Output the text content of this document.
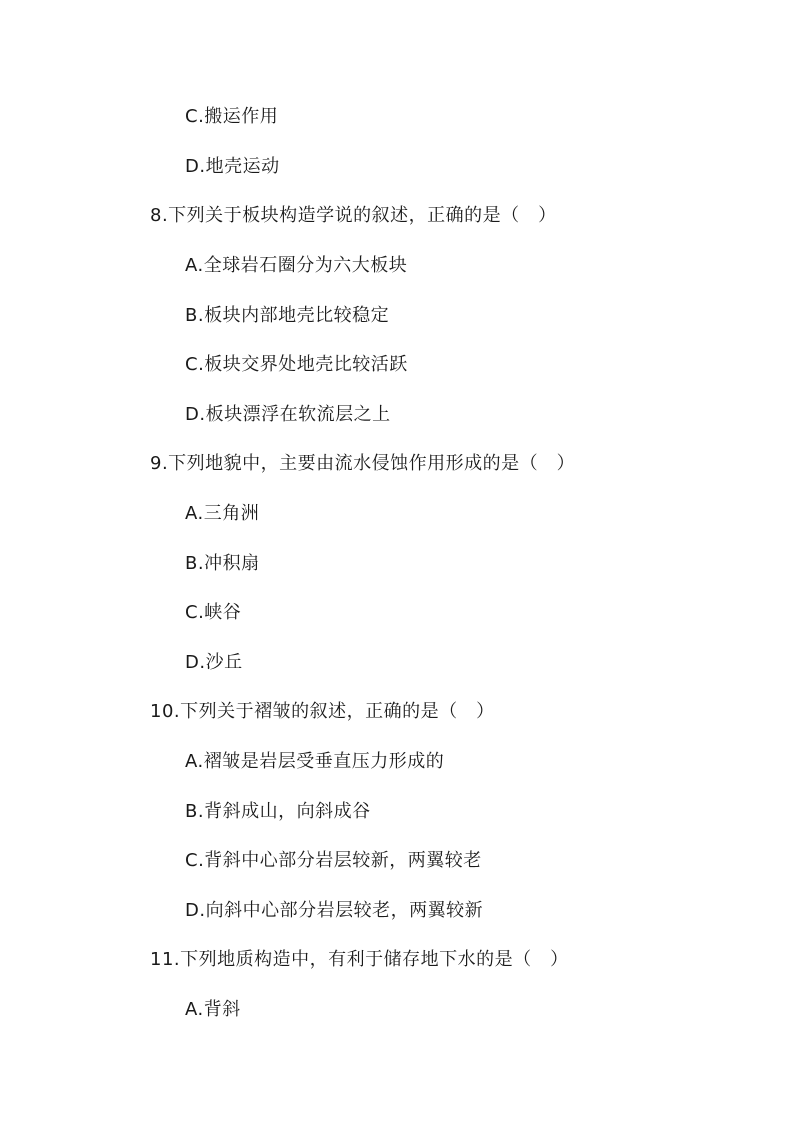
C.搬运作用
D.地壳运动
8.下列关于板块构造学说的叙述，正确的是（　）
A.全球岩石圈分为六大板块
B.板块内部地壳比较稳定
C.板块交界处地壳比较活跃
D.板块漂浮在软流层之上
9.下列地貌中，主要由流水侵蚀作用形成的是（　）
A.三角洲
B.冲积扇
C.峡谷
D.沙丘
10.下列关于褶皱的叙述，正确的是（　）
A.褶皱是岩层受垂直压力形成的
B.背斜成山，向斜成谷
C.背斜中心部分岩层较新，两翼较老
D.向斜中心部分岩层较老，两翼较新
11.下列地质构造中，有利于储存地下水的是（　）
A.背斜
